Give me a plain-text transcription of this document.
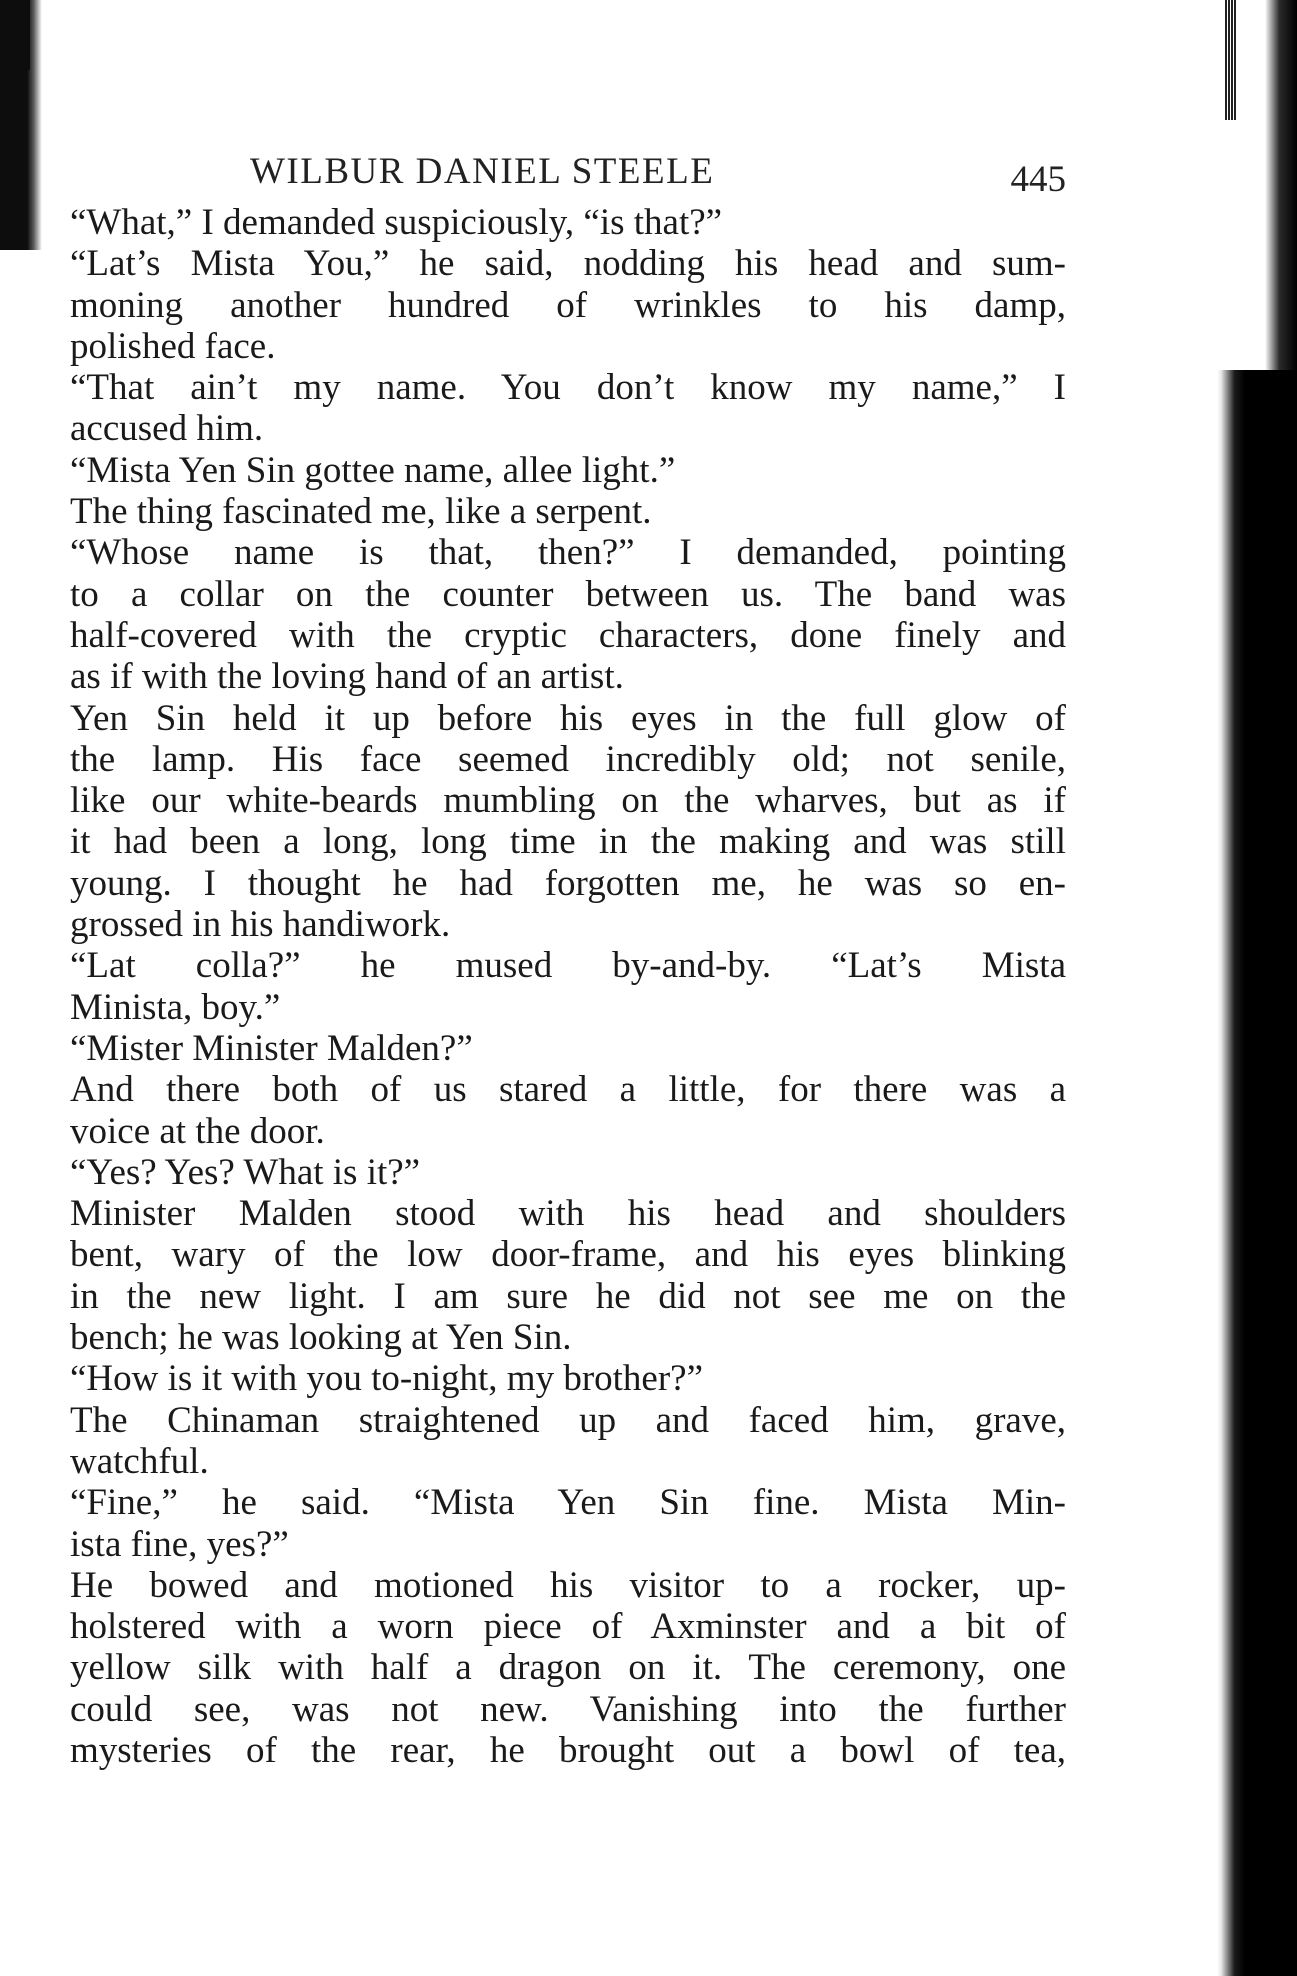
WILBUR DANIEL STEELE	445
“What,” I demanded suspiciously, “is that?”
“Lat’s Mista You,” he said, nodding his head and sum-
moning another hundred of wrinkles to his damp,
polished face.
“That ain’t my name. You don’t know my name,” I
accused him.
“Mista Yen Sin gottee name, allee light.”
The thing fascinated me, like a serpent.
“Whose name is that, then?” I demanded, pointing
to a collar on the counter between us. The band was
half-covered with the cryptic characters, done finely and
as if with the loving hand of an artist.
Yen Sin held it up before his eyes in the full glow of
the lamp. His face seemed incredibly old; not senile,
like our white-beards mumbling on the wharves, but as if
it had been a long, long time in the making and was still
young. I thought he had forgotten me, he was so en-
grossed in his handiwork.
“Lat colla?” he mused by-and-by. “Lat’s Mista
Minista, boy.”
“Mister Minister Malden?”
And there both of us stared a little, for there was a
voice at the door.
“Yes? Yes? What is it?”
Minister Malden stood with his head and shoulders
bent, wary of the low door-frame, and his eyes blinking
in the new light. I am sure he did not see me on the
bench; he was looking at Yen Sin.
“How is it with you to-night, my brother?”
The Chinaman straightened up and faced him, grave,
watchful.
“Fine,” he said. “Mista Yen Sin fine. Mista Min-
ista fine, yes?”
He bowed and motioned his visitor to a rocker, up-
holstered with a worn piece of Axminster and a bit of
yellow silk with half a dragon on it. The ceremony, one
could see, was not new. Vanishing into the further
mysteries of the rear, he brought out a bowl of tea,
